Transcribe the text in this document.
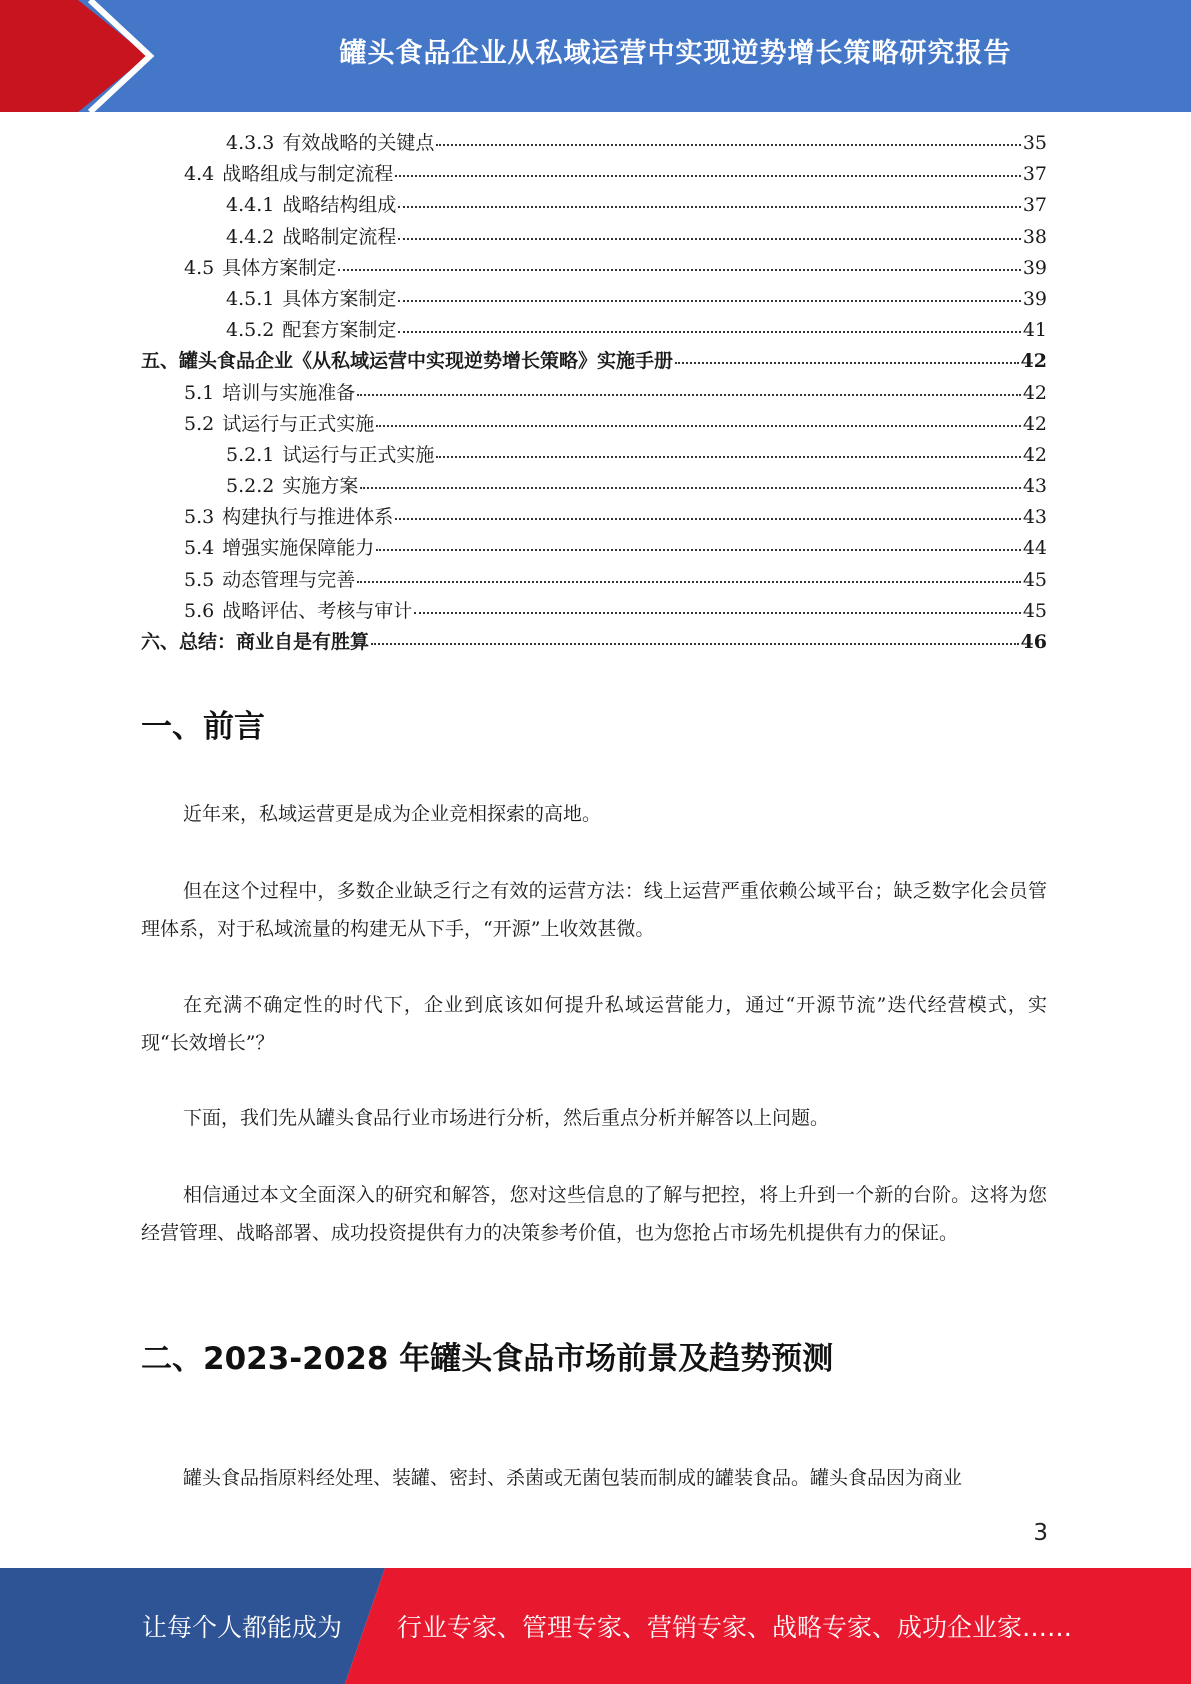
罐头食品企业从私域运营中实现逆势增长策略研究报告
4.3.3 有效战略的关键点	35
4.4 战略组成与制定流程	37
4.4.1 战略结构组成	37
4.4.2 战略制定流程	38
4.5 具体方案制定	39
4.5.1 具体方案制定	39
4.5.2 配套方案制定	41
五、罐头食品企业《从私域运营中实现逆势增长策略》实施手册	42
5.1 培训与实施准备	42
5.2 试运行与正式实施	42
5.2.1 试运行与正式实施	42
5.2.2 实施方案	43
5.3 构建执行与推进体系	43
5.4 增强实施保障能力	44
5.5 动态管理与完善	45
5.6 战略评估、考核与审计	45
六、总结：商业自是有胜算	46
一、前言
近年来，私域运营更是成为企业竞相探索的高地。
但在这个过程中，多数企业缺乏行之有效的运营方法：线上运营严重依赖公域平台；缺乏数字化会员管理体系，对于私域流量的构建无从下手，“开源”上收效甚微。
在充满不确定性的时代下，企业到底该如何提升私域运营能力，通过“开源节流”迭代经营模式，实现“长效增长”？
下面，我们先从罐头食品行业市场进行分析，然后重点分析并解答以上问题。
相信通过本文全面深入的研究和解答，您对这些信息的了解与把控，将上升到一个新的台阶。这将为您经营管理、战略部署、成功投资提供有力的决策参考价值，也为您抢占市场先机提供有力的保证。
二、2023-2028 年罐头食品市场前景及趋势预测
罐头食品指原料经处理、装罐、密封、杀菌或无菌包装而制成的罐装食品。罐头食品因为商业
3
让每个人都能成为 行业专家、管理专家、营销专家、战略专家、成功企业家……
